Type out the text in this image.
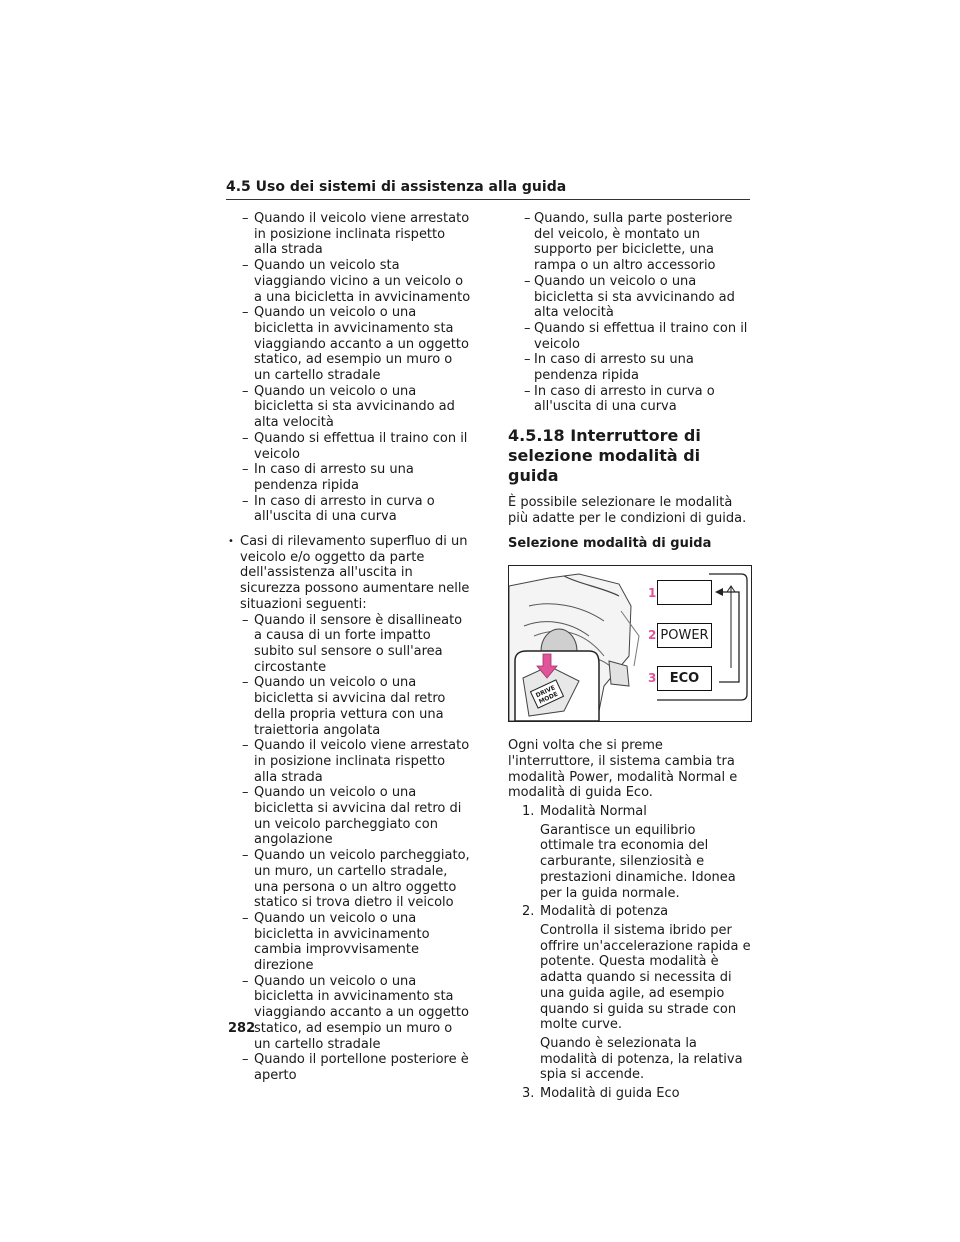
4.5 Uso dei sistemi di assistenza alla guida
– Quando il veicolo viene arrestato in posizione inclinata rispetto alla strada
– Quando un veicolo sta viaggiando vicino a un veicolo o a una bicicletta in avvicinamento
– Quando un veicolo o una bicicletta in avvicinamento sta viaggiando accanto a un oggetto statico, ad esempio un muro o un cartello stradale
– Quando un veicolo o una bicicletta si sta avvicinando ad alta velocità
– Quando si effettua il traino con il veicolo
– In caso di arresto su una pendenza ripida
– In caso di arresto in curva o all'uscita di una curva
• Casi di rilevamento superfluo di un veicolo e/o oggetto da parte dell'assistenza all'uscita in sicurezza possono aumentare nelle situazioni seguenti:
– Quando il sensore è disallineato a causa di un forte impatto subito sul sensore o sull'area circostante
– Quando un veicolo o una bicicletta si avvicina dal retro della propria vettura con una traiettoria angolata
– Quando il veicolo viene arrestato in posizione inclinata rispetto alla strada
– Quando un veicolo o una bicicletta si avvicina dal retro di un veicolo parcheggiato con angolazione
– Quando un veicolo parcheggiato, un muro, un cartello stradale, una persona o un altro oggetto statico si trova dietro il veicolo
– Quando un veicolo o una bicicletta in avvicinamento cambia improvvisamente direzione
– Quando un veicolo o una bicicletta in avvicinamento sta viaggiando accanto a un oggetto statico, ad esempio un muro o un cartello stradale
– Quando il portellone posteriore è aperto
– Quando, sulla parte posteriore del veicolo, è montato un supporto per biciclette, una rampa o un altro accessorio
– Quando un veicolo o una bicicletta si sta avvicinando ad alta velocità
– Quando si effettua il traino con il veicolo
– In caso di arresto su una pendenza ripida
– In caso di arresto in curva o all'uscita di una curva
4.5.18 Interruttore di selezione modalità di guida
È possibile selezionare le modalità più adatte per le condizioni di guida.
Selezione modalità di guida
1
2
3
POWER
ECO
DRIVE MODE
Ogni volta che si preme l'interruttore, il sistema cambia tra modalità Power, modalità Normal e modalità di guida Eco.
1. Modalità Normal
Garantisce un equilibrio ottimale tra economia del carburante, silenziosità e prestazioni dinamiche. Idonea per la guida normale.
2. Modalità di potenza
Controlla il sistema ibrido per offrire un'accelerazione rapida e potente. Questa modalità è adatta quando si necessita di una guida agile, ad esempio quando si guida su strade con molte curve.
Quando è selezionata la modalità di potenza, la relativa spia si accende.
3. Modalità di guida Eco
282
